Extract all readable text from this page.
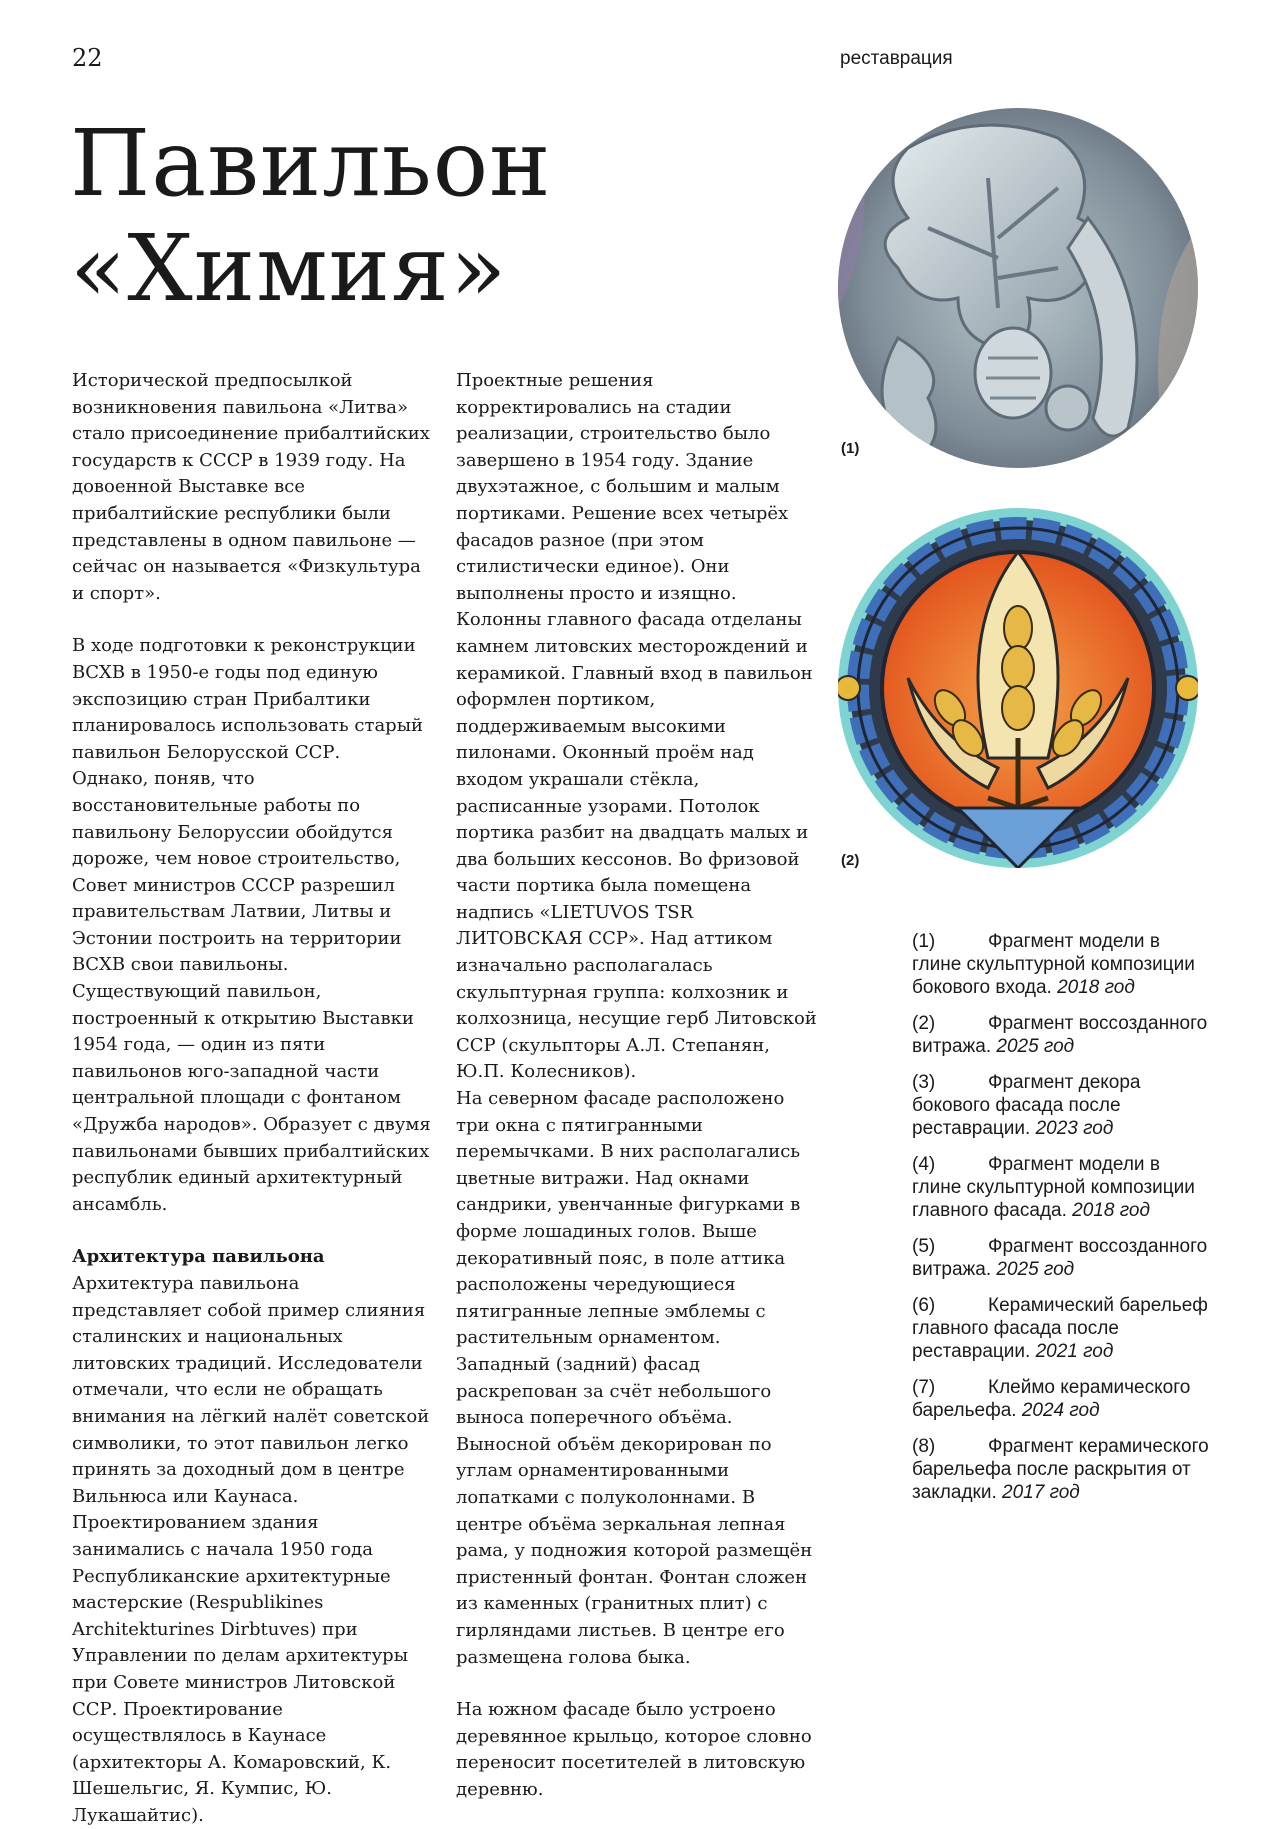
22	реставрация
Павильон
«Химия»

Исторической предпосылкой возникновения павильона «Литва» стало присоединение прибалтийских государств к СССР в 1939 году. На довоенной Выставке все прибалтийские республики были представлены в одном павильоне — сейчас он называется «Физкультура и спорт».

В ходе подготовки к реконструкции ВСХВ в 1950-е годы под единую экспозицию стран Прибалтики планировалось использовать старый павильон Белорусской ССР.

Однако, поняв, что восстановительные работы по павильону Белоруссии обойдутся дороже, чем новое строительство, Совет министров СССР разрешил правительствам Латвии, Литвы и Эстонии построить на территории ВСХВ свои павильоны.

Существующий павильон, построенный к открытию Выставки 1954 года, — один из пяти павильонов юго-западной части центральной площади с фонтаном «Дружба народов». Образует с двумя павильонами бывших прибалтийских республик единый архитектурный ансамбль.

Архитектура павильона

Архитектура павильона представляет собой пример слияния сталинских и национальных литовских традиций. Исследователи отмечали, что если не обращать внимания на лёгкий налёт советской символики, то этот павильон легко принять за доходный дом в центре Вильнюса или Каунаса.

Проектированием здания занимались с начала 1950 года Республиканские архитектурные мастерские (Respublikines Architekturines Dirbtuves) при Управлении по делам архитектуры при Совете министров Литовской ССР. Проектирование осуществлялось в Каунасе (архитекторы А. Комаровский, К. Шешельгис, Я. Кумпис, Ю. Лукашайтис).

Проектные решения корректировались на стадии реализации, строительство было завершено в 1954 году. Здание двухэтажное, с большим и малым портиками. Решение всех четырёх фасадов разное (при этом стилистически единое). Они выполнены просто и изящно. Колонны главного фасада отделаны камнем литовских месторождений и керамикой. Главный вход в павильон оформлен портиком, поддерживаемым высокими пилонами. Оконный проём над входом украшали стёкла, расписанные узорами. Потолок портика разбит на двадцать малых и два больших кессонов. Во фризовой части портика была помещена надпись «LIETUVOS TSR ЛИТОВСКАЯ ССР». Над аттиком изначально располагалась скульптурная группа: колхозник и колхозница, несущие герб Литовской ССР (скульпторы А.Л. Степанян, Ю.П. Колесников).

На северном фасаде расположено три окна с пятигранными перемычками. В них располагались цветные витражи. Над окнами сандрики, увенчанные фигурками в форме лошадиных голов. Выше декоративный пояс, в поле аттика расположены чередующиеся пятигранные лепные эмблемы с растительным орнаментом.

Западный (задний) фасад раскрепован за счёт небольшого выноса поперечного объёма. Выносной объём декорирован по углам орнаментированными лопатками с полуколоннами. В центре объёма зеркальная лепная рама, у подножия которой размещён пристенный фонтан. Фонтан сложен из каменных (гранитных плит) с гирляндами листьев. В центре его размещена голова быка.

На южном фасаде было устроено деревянное крыльцо, которое словно переносит посетителей в литовскую деревню.

(1)
(2)
(1)	Фрагмент модели в глине скульптурной композиции бокового входа. 2018 год
(2)	Фрагмент воссозданного витража. 2025 год
(3)	Фрагмент декора бокового фасада после реставрации. 2023 год
(4)	Фрагмент модели в глине скульптурной композиции главного фасада. 2018 год
(5)	Фрагмент воссозданного витража. 2025 год
(6)	Керамический барельеф главного фасада после реставрации. 2021 год
(7)	Клеймо керамического барельефа. 2024 год
(8)	Фрагмент керамического барельефа после раскрытия от закладки. 2017 год
